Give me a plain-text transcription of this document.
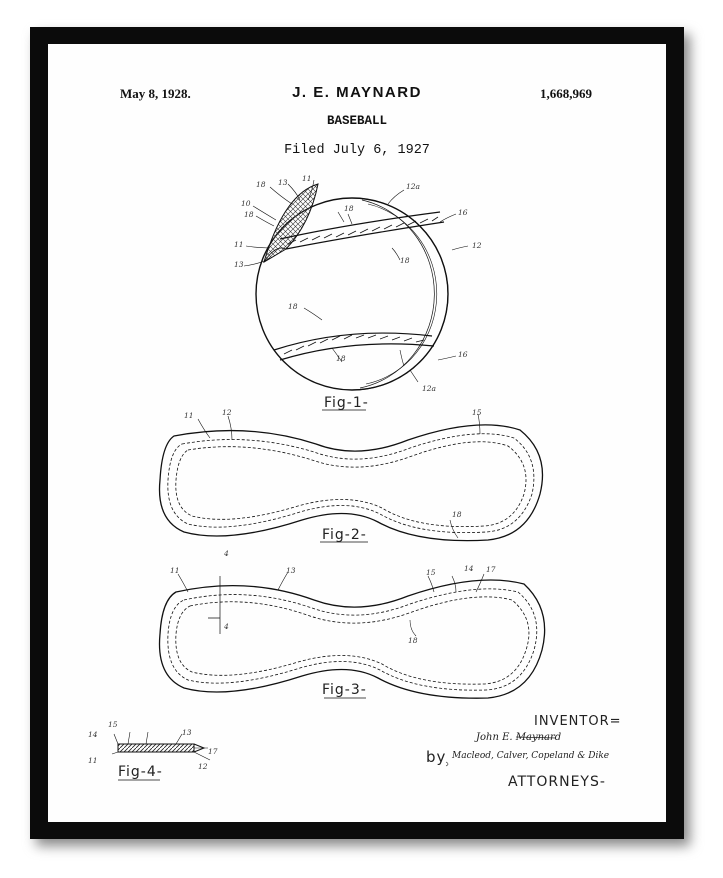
May 8, 1928.	J. E. MAYNARD	1,668,969
BASEBALL
Filed July 6, 1927
18 13 11
10
18
11
13
12a
18	16
12
18
18
18	16
12a
11	12	15
18
11
4
13	15	14 17
18
4
15
14	13
11
17
12
Fig-1-
Fig-2-
Fig-3-
Fig-4-
INVENTOR=
John E. Maynard
by Macleod, Calver, Copeland & Dike
ATTORNEYS-
